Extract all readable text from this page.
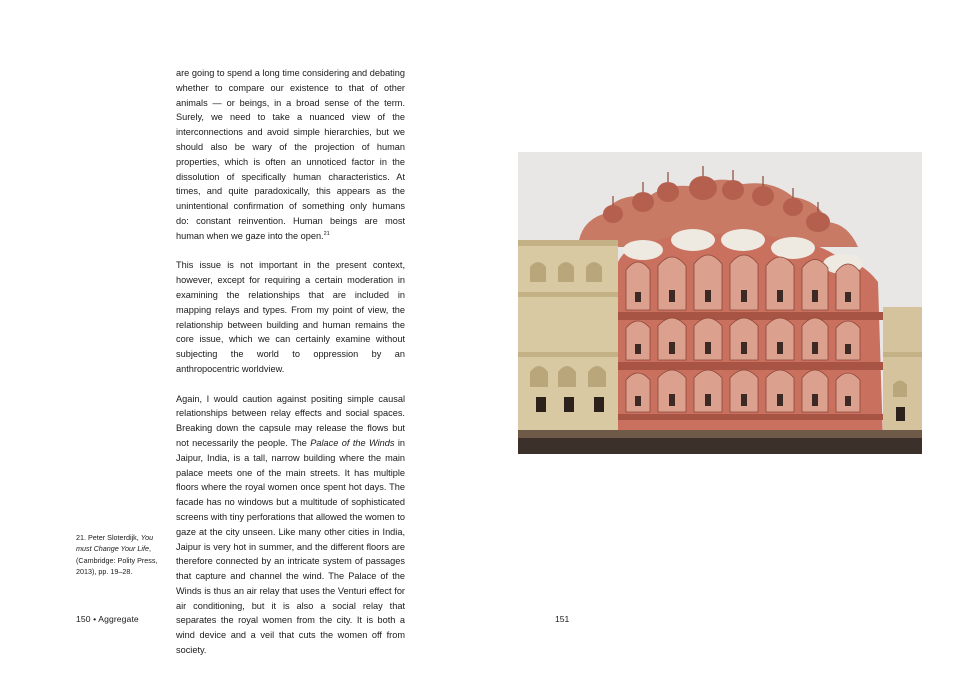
are going to spend a long time considering and debating whether to compare our existence to that of other animals — or beings, in a broad sense of the term. Surely, we need to take a nuanced view of the interconnections and avoid simple hierarchies, but we should also be wary of the projection of human properties, which is often an unnoticed factor in the dissolution of specifically human characteristics. At times, and quite paradoxically, this appears as the unintentional confirmation of something only humans do: constant reinvention. Human beings are most human when we gaze into the open.$^{21}$

This issue is not important in the present context, however, except for requiring a certain moderation in examining the relationships that are included in mapping relays and types. From my point of view, the relationship between building and human remains the core issue, which we can certainly examine without subjecting the world to oppression by an anthropocentric worldview.

Again, I would caution against positing simple causal relationships between relay effects and social spaces. Breaking down the capsule may release the flows but not necessarily the people. The Palace of the Winds in Jaipur, India, is a tall, narrow building where the main palace meets one of the main streets. It has multiple floors where the royal women once spent hot days. The facade has no windows but a multitude of sophisticated screens with tiny perforations that allowed the women to gaze at the city unseen. Like many other cities in India, Jaipur is very hot in summer, and the different floors are therefore connected by an intricate system of passages that capture and channel the wind. The Palace of the Winds is thus an air relay that uses the Venturi effect for air conditioning, but it is also a social relay that separates the royal women from the city. It is both a wind device and a veil that cuts the women off from society.

21. Peter Sloterdijk, You must Change Your Life, (Cambridge: Polity Press, 2013), pp. 19–28.
150 • Aggregate	151
